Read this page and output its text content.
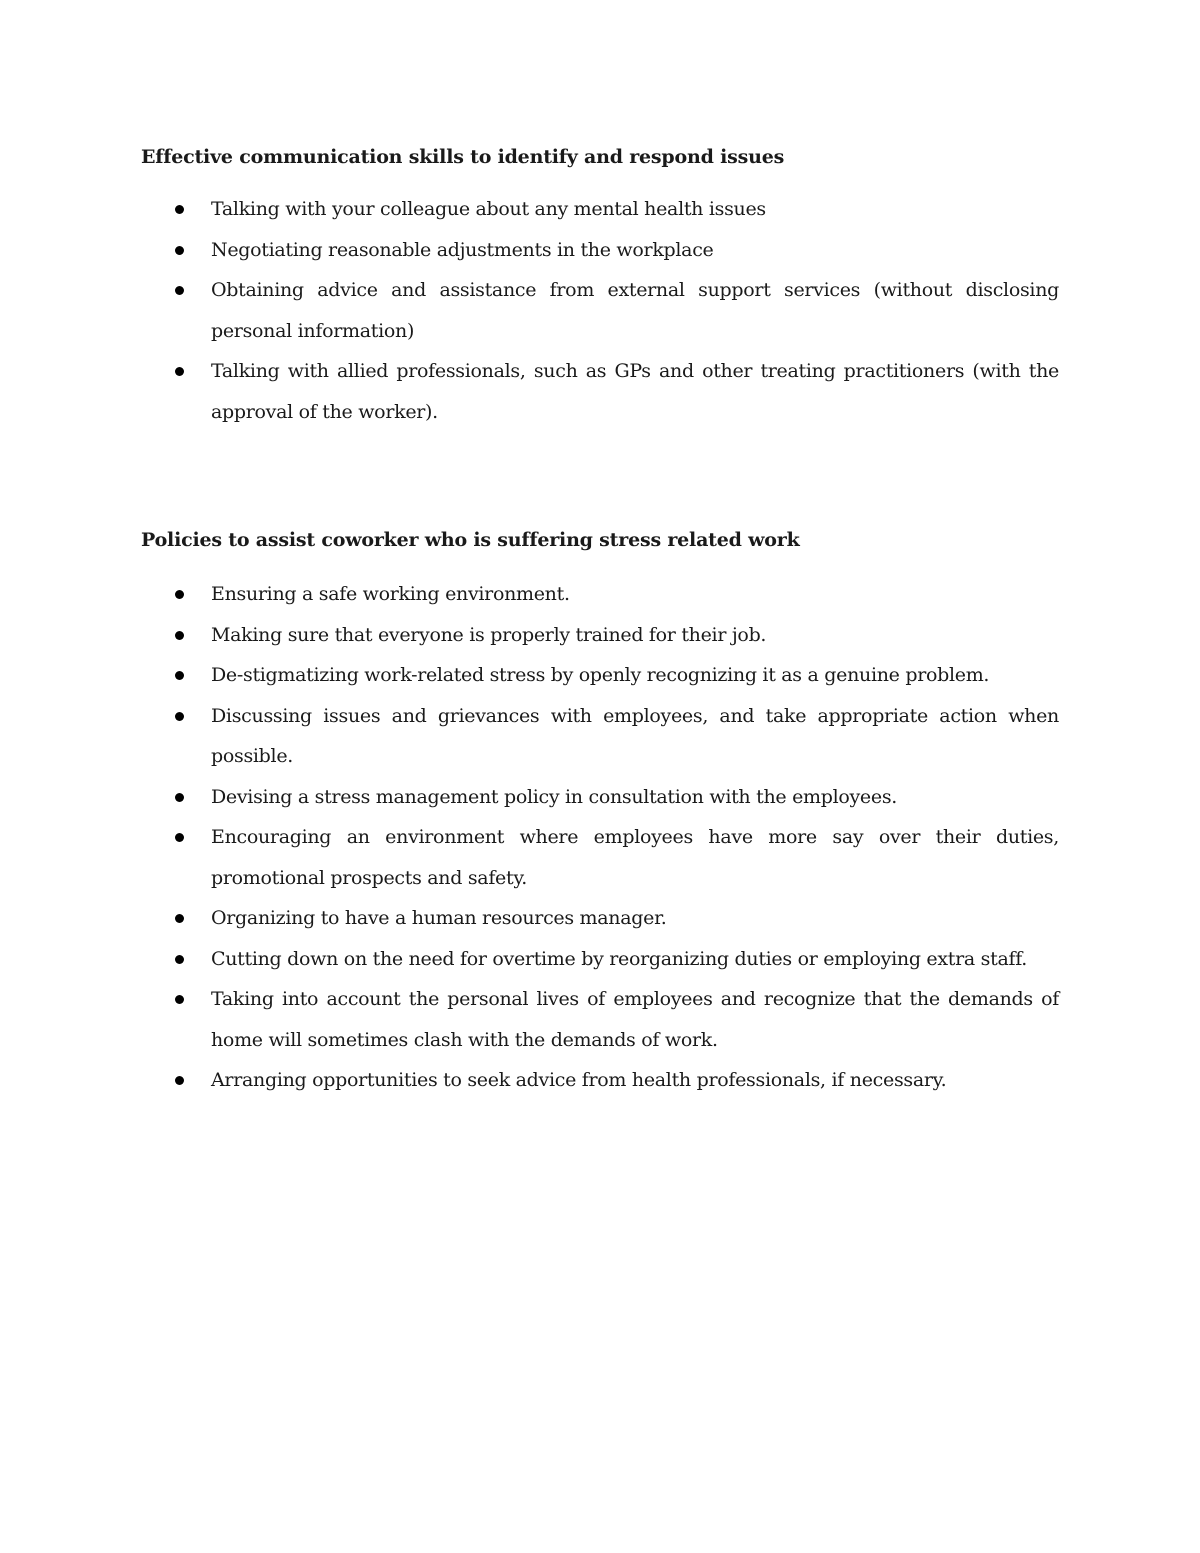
Effective communication skills to identify and respond issues
Talking with your colleague about any mental health issues
Negotiating reasonable adjustments in the workplace
Obtaining advice and assistance from external support services (without disclosing personal information)
Talking with allied professionals, such as GPs and other treating practitioners (with the approval of the worker).
Policies to assist coworker who is suffering stress related work
Ensuring a safe working environment.
Making sure that everyone is properly trained for their job.
De-stigmatizing work-related stress by openly recognizing it as a genuine problem.
Discussing issues and grievances with employees, and take appropriate action when possible.
Devising a stress management policy in consultation with the employees.
Encouraging an environment where employees have more say over their duties, promotional prospects and safety.
Organizing to have a human resources manager.
Cutting down on the need for overtime by reorganizing duties or employing extra staff.
Taking into account the personal lives of employees and recognize that the demands of home will sometimes clash with the demands of work.
Arranging opportunities to seek advice from health professionals, if necessary.
